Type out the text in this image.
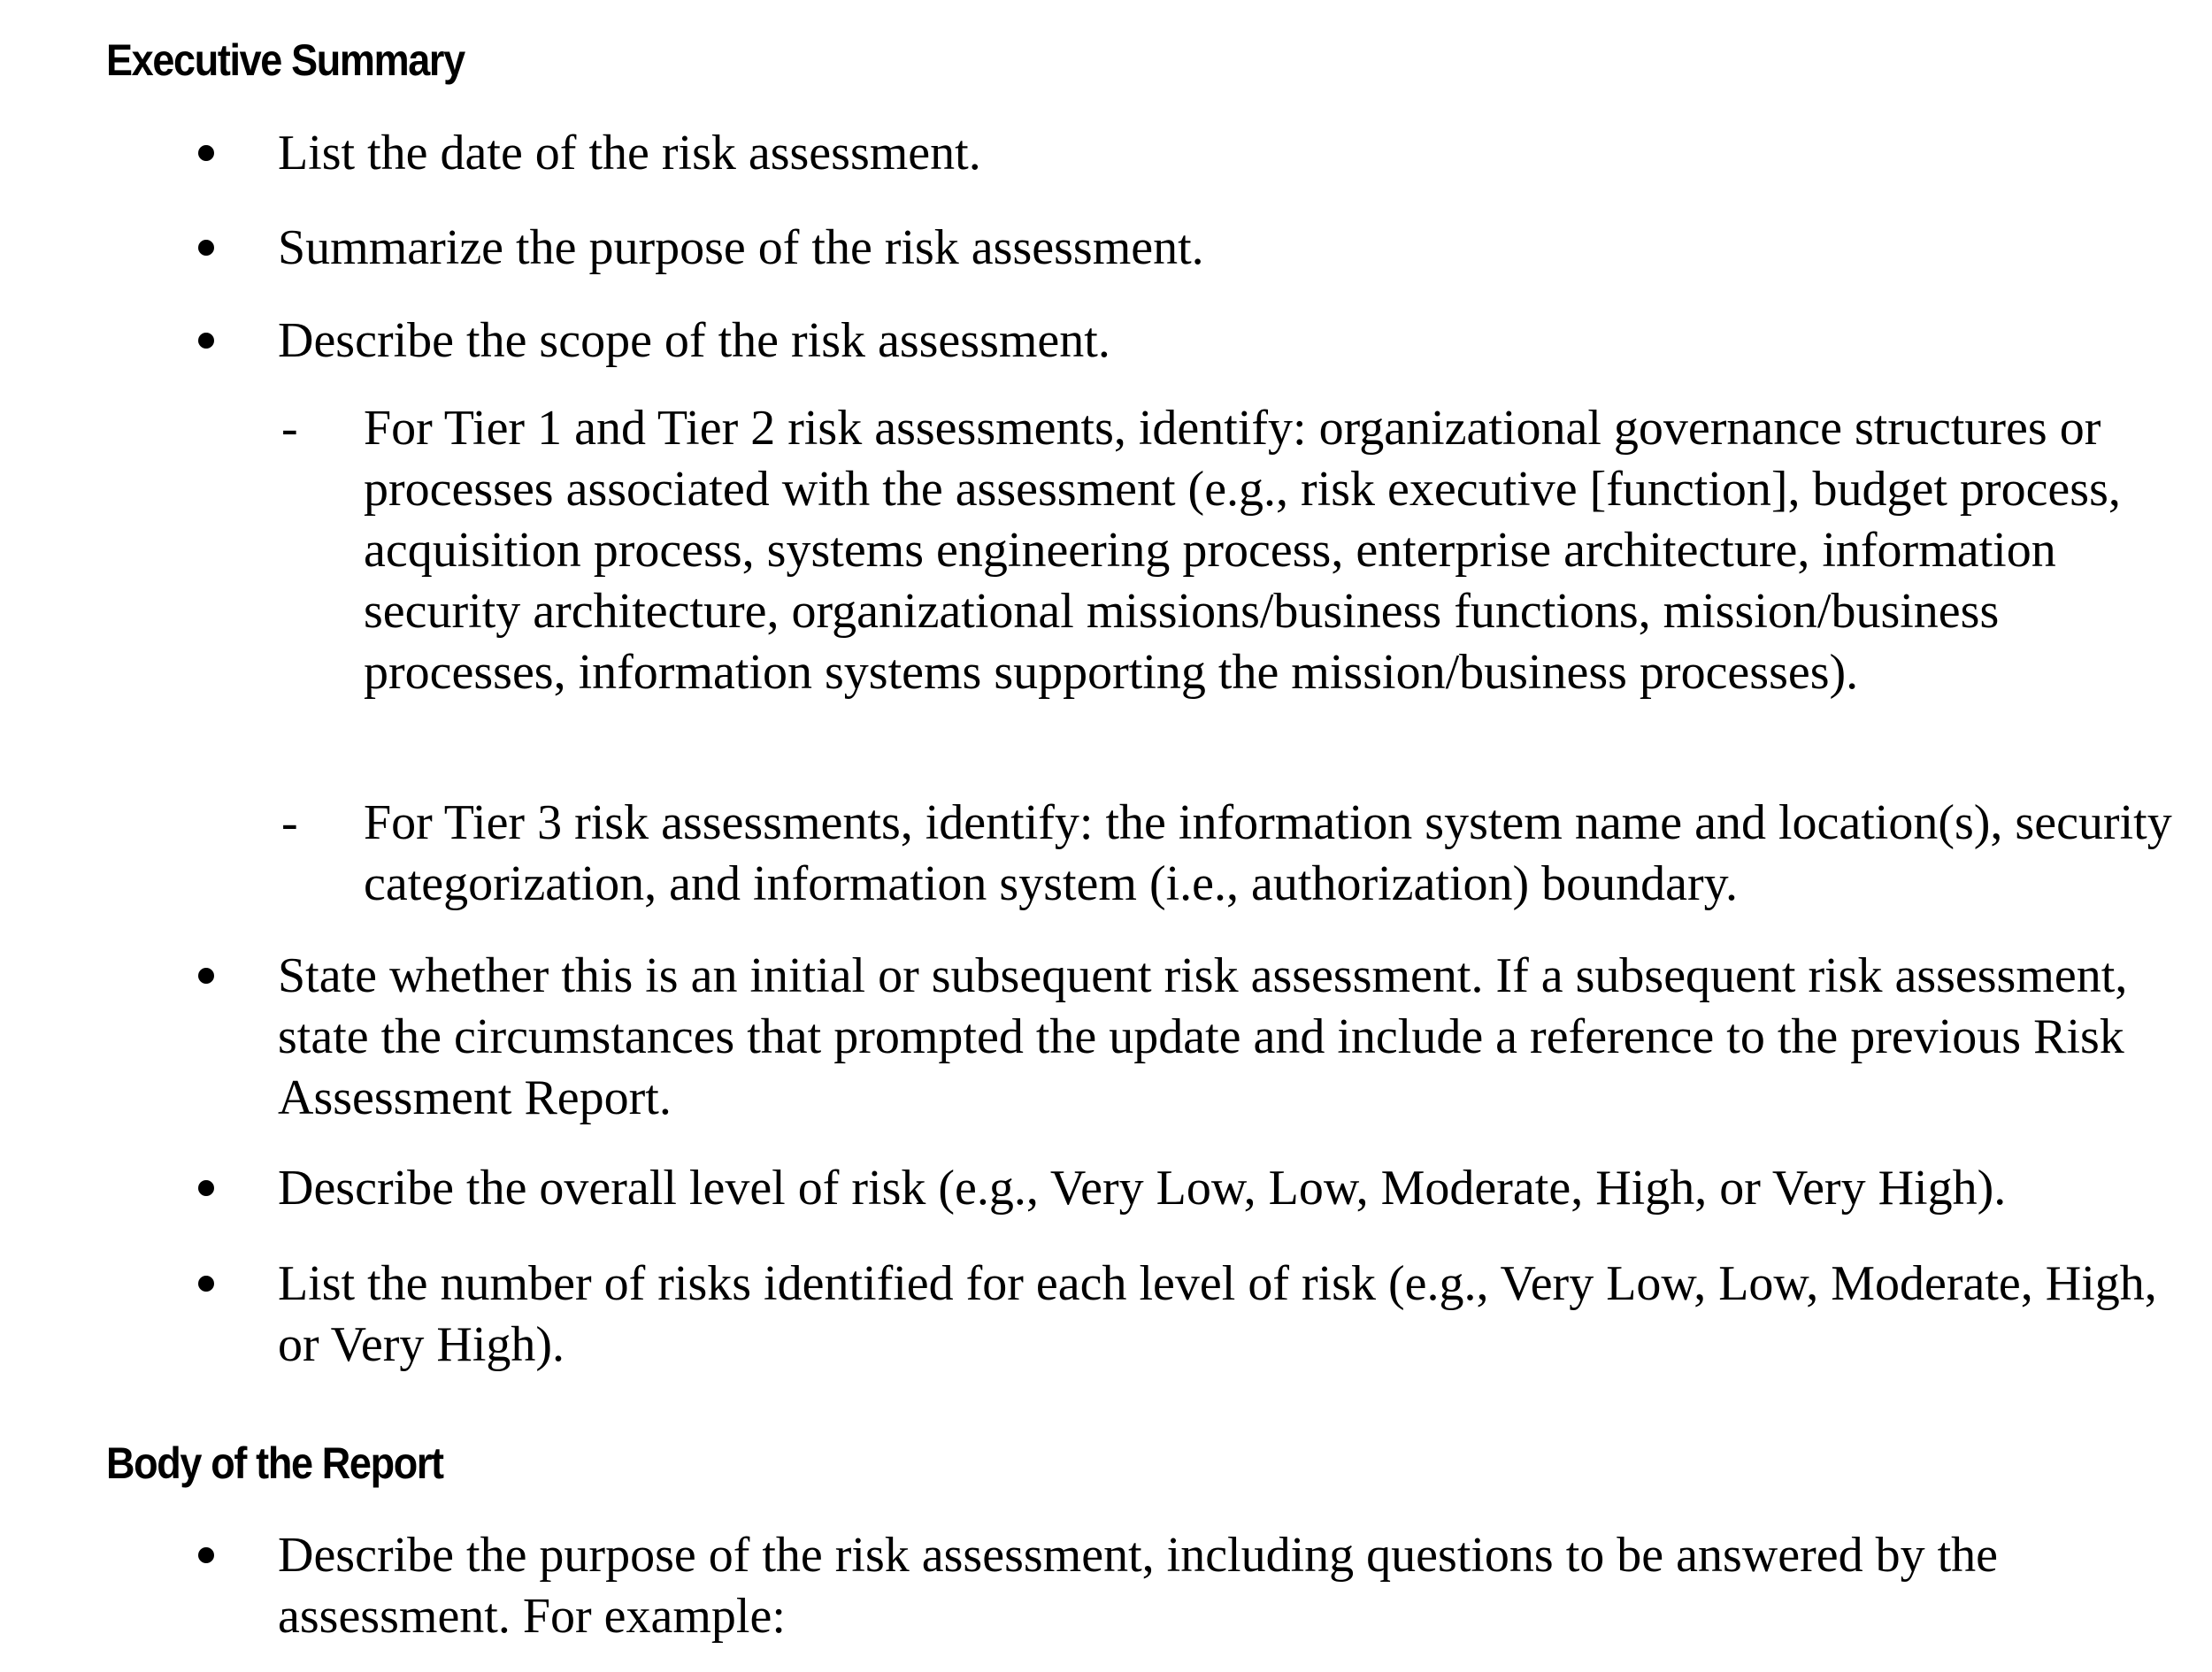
Executive Summary
List the date of the risk assessment.
Summarize the purpose of the risk assessment.
Describe the scope of the risk assessment.
- For Tier 1 and Tier 2 risk assessments, identify: organizational governance structures or processes associated with the assessment (e.g., risk executive [function], budget process, acquisition process, systems engineering process, enterprise architecture, information security architecture, organizational missions/business functions, mission/business processes, information systems supporting the mission/business processes).
- For Tier 3 risk assessments, identify: the information system name and location(s), security categorization, and information system (i.e., authorization) boundary.
State whether this is an initial or subsequent risk assessment. If a subsequent risk assessment, state the circumstances that prompted the update and include a reference to the previous Risk Assessment Report.
Describe the overall level of risk (e.g., Very Low, Low, Moderate, High, or Very High).
List the number of risks identified for each level of risk (e.g., Very Low, Low, Moderate, High, or Very High).
Body of the Report
Describe the purpose of the risk assessment, including questions to be answered by the assessment. For example:
